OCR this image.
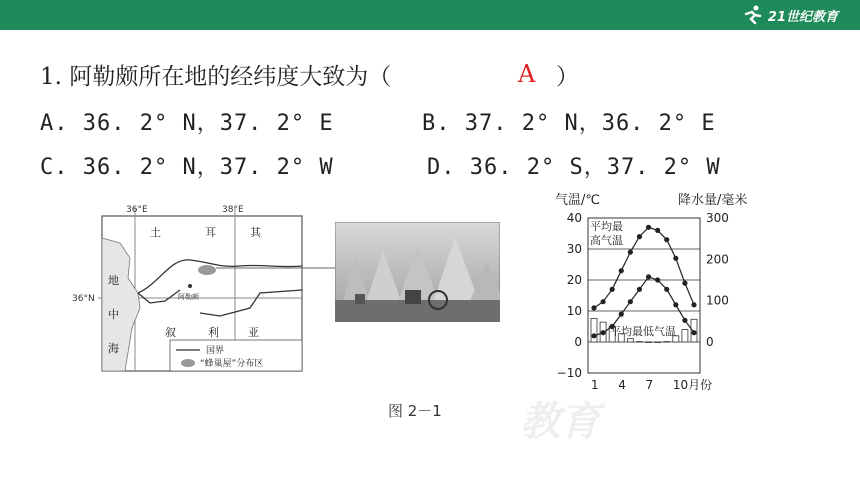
21世纪教育
1. 阿勒颇所在地的经纬度大致为（	A ）
A. 36. 2° N，37. 2° E	B. 37. 2° N，36. 2° E
C. 36. 2° N，37. 2° W	D. 36. 2° S，37. 2° W
36°E	38°E
36°N	阿勒颇
土	耳	其
叙	利	亚
地
中
海	国界
“蜂巢屋”分布区
气温/℃	降水量/毫米
40
30
20
10
0
−10
300
200
100
0
1 4 7 10月份
平均最
高气温
平均最低气温
教育
图 2－1
